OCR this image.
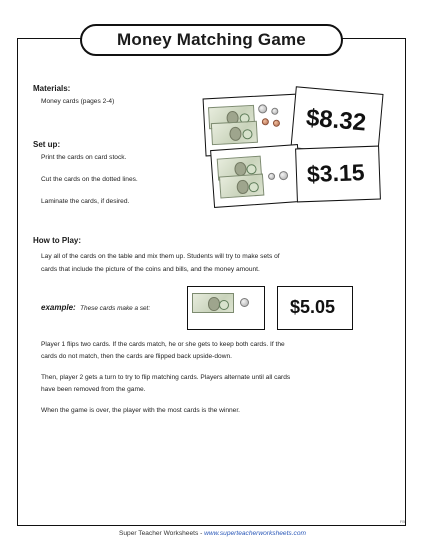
Money Matching Game
Materials:
Money cards (pages 2-4)
Set up:
Print the cards on card stock.
Cut the cards on the dotted lines.
Laminate the cards, if desired.
$8.32
$3.15
How to Play:
Lay all of the cards on the table and mix them up. Students will try to make sets of
cards that include the picture of the coins and bills, and the money amount.
example: These cards make a set:	$5.05
Player 1 flips two cards. If the cards match, he or she gets to keep both cards. If the
cards do not match, then the cards are flipped back upside-down.
Then, player 2 gets a turn to try to flip matching cards. Players alternate until all cards
have been removed from the game.
When the game is over, the player with the most cards is the winner.
FB
Super Teacher Worksheets - www.superteacherworksheets.com
